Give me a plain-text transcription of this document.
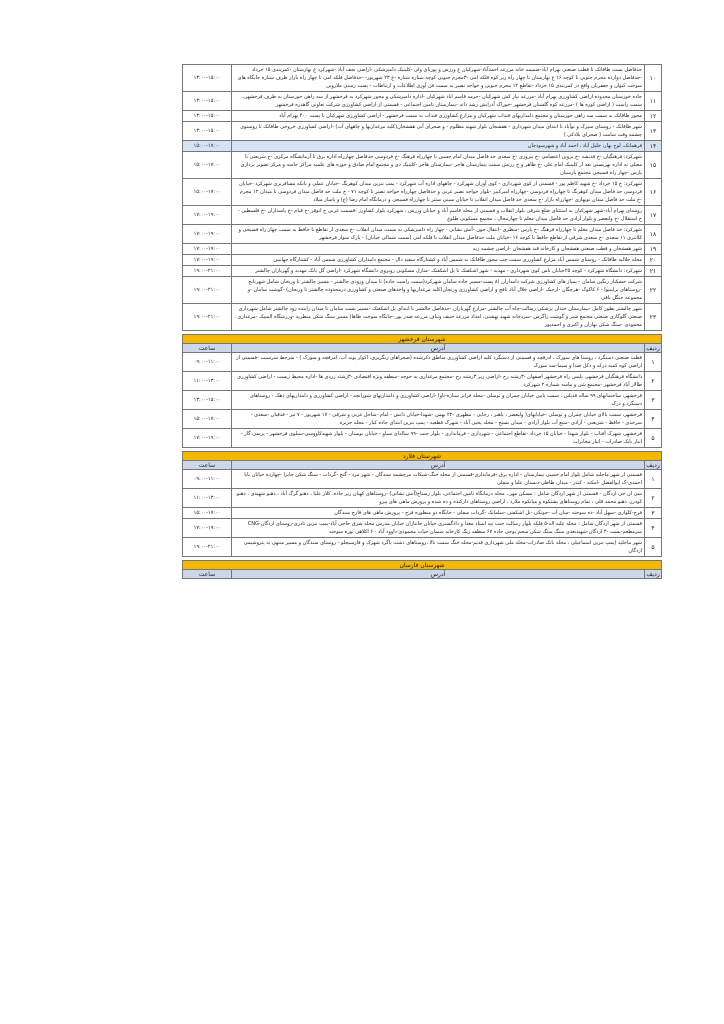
۱۰	حدفاصل پست طاقانک تا قطب صنعتی بهرام اباد-ضمیمه خانه مزرعه احمدآباد-شهرکیان غ ورزش و پوریای ولی -کلینیک دامپزشکی -اراضی نجف آباد -شهرکرد غ بهارستان -کمربندی ۱۵ خرداد -حدفاصل دوازده محرم جنوبی تا کوچه ۱۶ غ بهارستان تا چهار راه زیر کوه فلکه امی -۳مجرم جنوبی کوچه ستاره ستاره -غ ۲۳ شهریور- -حدفاصل فلکه امی تا چهار راه بازار طرف ستاره جایگاه های سوخت کیوان و جعفریان واقع در کمربندی ۱۵ خرداد -تقاطع ۱۲ محرم جنوبی و خواجه نصیر به سمت فن آوری اطلاعات و ارتباطات - پست زمینی ملاروین	۱۳:۰۰-۱۵:۰۰
۱۱	جاده خوزستان محدوده اراضی کشاورزی بهرام آباد -مزرعه نیاز کش شهرکیان -حرمه قاسم اباد شهرکیان -اداره دامپزشکی و محور شهرکرد به فرخشهر از سه راهی خوزستان به طرف فرخشهر، سمت راست ( اراضی کوره ها ) -مزرعه کوه گلستان فرخشهر -خوراک آذرایش رشد دانه -بیمارستان تامین اجتماعی - قسمتی از اراضی کشاورزی شرکت تعاونی گاهدره فرخشهر	۱۳:۰۰-۱۵:۰۰
۱۲	محور طاقانک به سمت سه راهی خوزستان و مجتمع دامداریهای قنداب شهرکیان و مزارع کشاورزی قنداب به سمت فرخشهر - اراضی کشاورزی شهرکیان تا پست ۴۰۰ بهرام آباد	۱۳:۰۰-۱۵:۰۰
۱۳	شهر طاقانک - روستای سیرک و نوآباد تا ابتدای میدان شهرداری - هفشجان بلوار شهید مظلوم - و صحرای آبی هفشجان(کلیه مرغداریها و چاههای آب) -اراضی کشاورزی خروجی طاقانک تا روستوی چشمه وقت سامت ( صحرای بلادکی )	۱۳:۰۰-۱۵:۰۰
۱۴	فرهمانک، لوح بهار، خلیل آباد ، احمد آباد و شهرسودجان	۱۵:۰۰-۱۷:۰۰
۱۵	شهرکرد: فرهنگیان -خ قدیشه -خ پروین اعتصامی -خ پیروزی -خ سعدی حد فاصل میدان امام حسین تا چهارراه فرهنگ -خ فردوسی حدفاصل چهارراه اداره برق تا آرمانشگاه مرکزی -خ شریعتی تا معبلی ته اداره بهزیستی بعد از کلینیک امام علی -خ ظاهر و خ زرتش سمت بیمارستان هاجر -بیمارستان هاجر -کلینیک دی و مجتمع امام صادق و حوزه های علمیه مراکز خامنه و مرکز تصویر بردازی پارس -چهار راه فسیحی مجتمع پارسیان	۱۵:۰۰-۱۷:۰۰
۱۶	شهرکرد: خ ۱۵ خرداد -خ شهید کاظم پور - قسمتی از کوی شهرداری - کوی آوران شهرکرد - چاههای اداره آب شهرکرد - پمپ بنزین میدان کوهرنگ -خیابان عملی و بانکه مسافربری شهرکرد -خیابان فردوسی حد فاصل میدان کوهرنگ تا چهارراه فردوسی -چهارراه امیرکبیر -بلوار خواجه نصیر غربی و حدفاصل چهارراه خواجه نصیر تا کوچه ۷۱ - خ ملت حد فاصل میدان فردوسی تا میدان ۱۲ محرم -خ ملت حد فاصل میدان نوبهاری -چهارراه بازار -خ سعدی حد فاصل میدان انقلاب تا خیابان سینی ستتر تا چهارراه فسیحی و درمانگاه امام رضا (ع) و پاساژ میلاد	۱۵:۰۰-۱۷:۰۰
۱۷	روستای بهرام آباد-شهر شهرکیان به استثنای ضلع شرقی بلوار انقلاب و قسمتی از محله قاسم آباد و خیابان ورزش ، شهرکرد بلوار کشاورز -قسمت غربی خ انوقر -خ قیام -خ پاسداران -خ فلسطین - خ استقلال -خ ولیعصر و بلوار آزادی حد فاصل میدان معلم تا چهارمحال ، مجتمع مسکونی طلوع	۱۷:۰۰-۱۹:۰۰
۱۸	شهرکرد: حد فاصل میدان معلم تا چهارراه فرهنگ -خ پارس -منظری -انتقال خون -آتش نشانی - چهار راه دامپزشکی به سمت میدان انقلاب -خ سعدی از تقاطع با حافظ به سمت چهار راه فسیحی و کلانتری ۱۱ سعدی -خ سعدی شرقی از تقاطع حافظ تا کوچه ۱۶ -خیابان ملت حدفاصل میدان انقلاب تا فلکه امی (سمت شمالی خیابان) - پارک سوار فرخشهر	۱۷:۰۰-۱۹:۰۰
۱۹	شهر هفشجان و قطب صنعتی هفشجان و کارخانه قند هفشجان -اراضی چشمه زنه	۱۷:۰۰-۱۹:۰۰
۲۰	محله جلالیه طاقانک - روستای شمس آباد مزارع کشاورزی سمت چپ محور طاقانک به شمس آباد و کشتارگاه سفید دال - مجتمع دامداران کشاورزی شمس آباد - کشتارگاه جهانبین	۱۷:۰۰-۱۹:۰۰
۲۱	شهرکرد: دانشگاه شهرکرد - کوچه ۲۵خیابان ناس کوی شهرداری - مهدیه - شهر اشکفتک تا پل اشکفتک -منازل مسکونی روبروی دانشگاه شهرکرد -اراضی گل بانک مهدیه و گهرباران چالشتر	۱۹:۰۰-۲۱:۰۰
۲۲	شرکت خشکبار رنگین سامان - پمپاژ های کشاورزی شرکت دامداران (۸ پست-مسیر جاده سامان شهرکرد(سمت راست جاده) تا میدان ورودی چالشتر - مسیر چالشتر تا ورنجان شامل شهرنانج -روستاهای پرلیبیوا - ۶ کاکوک -هرچگان -ارجنک -اراضی جلال آباد نافچ و اراضی کشاورزی ورنجان(کلیه مرغداریها و واحدهای صنعتی و کشاورزی درمحدوده چالشتر تا ورنجان) -گوشت سامان -و مجموعه جنگل بافی	۱۹:۰۰-۲۱:۰۰
۲۳	شهر چالشتر بطور کامل -بیمارستان خندان پزشکی رسالت-چاه آب چالشتر -مزارع گهرباران -حدفاصل چالشتر تا ابتدای پل اشکفتک -مسیر پست سامان تا میدان زاینده رود چالشتر شامل شهرداری صنعتی گلوگاری صنعتی مجتمع شیر و گوشت زاگرس -سردخانه شهید بهشتی، امداد مزرعه حنیف وتیاف مزرعه صدر پور -جایگاه سوخت طاها) مسیر سنگ شکن منطریه -ورزشگاه المپیک -مرغداری محمودی -سنگ شکن بهاران و اکبری و احمدپور	۱۹:۰۰-۲۱:۰۰

شهرستان فرخشهر		
ردیف	آدرس	ساعت
۱	قطب صنعتی دستگرد ، روستا های سورک ، ادرقچه و قسمتی از دستگرد کلیه اراضی کشاورزی مناطق ذکرشده (صحراهای رنگریزی، اکوار پونه آب، امرقچه و سورک ) - سرخط سرسبت -قسمتی از اراضی کوه کمیه درکه و ذکل صدا و سیما-سد سورک	۰۹:۰۰-۱۱:۰۰
۲	دانشگاه فرهنگیان فرخشهر، پلیس راه فرخشهر اصفهان -۳رشته رح -اراضی زیر ۳رشته رح -مجتمع مرغداری به خوجه -منطقه ویژه اقتصادی -۳رشته زردی ها -اداره محیط زیست - اراضی کشاورزی طالار آباد فرخشهر -مجتمع شن و ماسه شماره ۲ شهرکرد	۱۱:۰۰-۱۳:۰۰
۳	فرخشهر، ساختمانهای ۹۹ ساله قدیلتن ، سمت پایین خیابان چمران و توسلی -محله فرانز ستاره-پاوا -اراضی کشاورزی و دامداریهای شورابچه - اراضی کشاورزی و دامداریهای دهک - روستاهای دستگرد و درک	۱۳:۰۰-۱۵:۰۰
۴	فرخشهر، سمت بالای خیابان چمران و توسلی -خیابانهای( ولیعصر ، باهنر ، رجایی - مطهری -۲۲ بهمن -شهدا-خیابان دانش - امام -ساحل غربی و شرقی - ۱۷ شهریور - ۷ تیر - قدقیان -سعدی - سرحدی - حافظ - شریعتی - آزادی -منبع آب بلوار آزادی - میدان بسیج - محله یحیی آباد - شهرک قطعیه - پمپ بنزین ابتدای جاده کیار - محله جزیره	۱۵:۰۰-۱۷:۰۰
۵	فرخشهر، شهرک آفتاب - بلوار شهدا - خیابان ۱۵ خرداد -تقاطع اجتماعی - شهرداری - فرمانداری - بلوار جنت -۹۹ ساله‌ای سیاو - خیابان بوستان - بلوار شهیدکاووسی-سیلوی فرخشهر - پرسی گاز - انبار بانک صادرات - انبار مخابرات	۱۷:۰۰-۱۹:۰۰

شهرستان فلارد		
ردیف	آدرس	ساعت
۱	قسمتی از شهر ماجلیه شامل بلوار امام خمینی بیمارستان - اداره برق -فرمانداری-قسمتی از محله خنگ-شبکات مرچشمه سندگان - شهر مرد - گنج -گرداب - سنگ شکن جابرا -چهارده حیاتان بابا احمدی-ک ابوالفضل -امکنه - کندر - میدان ظاظی-دبستان علیا و سفلی	۰۹:۰۰-۱۱:۰۰
۲	سی ان جی اردگان - قسمتی از شهر اردگان شامل : مسکن مهر ، محله درمانگاه تامین اجتماعی، بلوار رستاخ(آتش نشانی) -روستاهای کهیان زیر جاده، کلار علیا ، دهنو گرگ آباد ، دهنو شهیدی ، دهنو کودرز، دهنو محمد قلی ، تمام روستاهای پشتکوه و میانکوه ملارد ، اراضی روستاهای دارکنده و ده شده و پرورش ماهی های پیرو	۱۱:۰۰-۱۳:۰۰
۳	فرج-کلواری -سهل آباد -ده سوخته -میان آب -حونکی -تل اشکفتی -سلمانک -گرداب سفلی - جایگاه دو منظوره فرج - پرورش ماهی های قارچ سندگان	۱۵:۰۰-۱۷:۰۰
۴	قسمتی از شهر اردگان شامل : محله علیه اله-۵ فلکه بلوار رسالت جنب تپه استاد معدا و دادگستری خیابان جانبازان خیابان مدرس محله شرق حاجی آباد-پمپ بنزین نادری-روستای اردگان-CNG سرمطعم-پست -۴ اردگان-شهیدبعدی سنگ سنگ شکن منجم بوجی جاده ۶۷ منطقه رنگ کارخانه سیمان حیات محمودی داوود آباد - ۶ اکلاهی بوره سوخته	۱۷:۰۰-۱۹:۰۰
۵	شهر ماجلیه (پمپ بنزین اسماعیلی ، محله بانک صادرات-محله ملی شهرداری قدیم-محله خنگ سمت بالا ،روستاهای دشت پاگرد شهرک و فارسیجلو - روستای سندگان و مسیر منتهی به پتروشیمی اردگان	۱۹:۰۰-۲۱:۰۰

شهرستان فارسان		
ردیف	آدرس	ساعت
